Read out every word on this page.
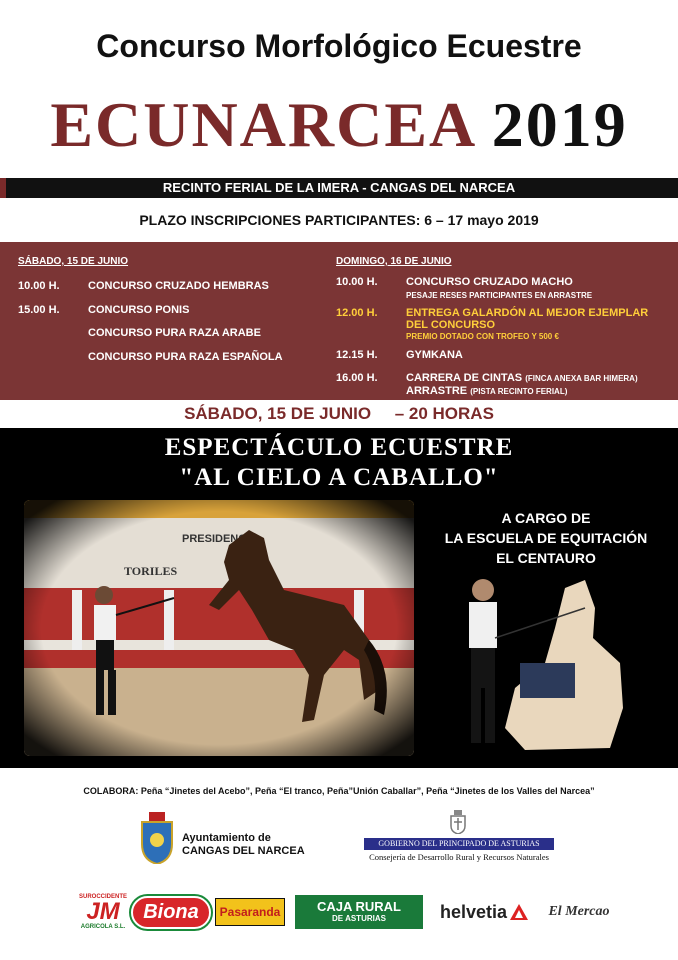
Concurso Morfológico Ecuestre
ECUNARCEA 2019
RECINTO FERIAL DE LA IMERA - CANGAS DEL NARCEA
PLAZO INSCRIPCIONES PARTICIPANTES: 6 – 17 mayo 2019
SÁBADO, 15 DE JUNIO
10.00 H.	CONCURSO CRUZADO HEMBRAS
15.00 H.	CONCURSO PONIS
CONCURSO PURA RAZA ARABE
CONCURSO PURA RAZA ESPAÑOLA
DOMINGO, 16 DE JUNIO
10.00 H.	CONCURSO CRUZADO MACHO
PESAJE RESES PARTICIPANTES EN ARRASTRE
12.00 H.	ENTREGA GALARDÓN AL MEJOR EJEMPLAR
DEL CONCURSO
PREMIO DOTADO CON TROFEO Y 500 €
12.15 H.	GYMKANA
16.00 H.	CARRERA DE CINTAS (FINCA ANEXA BAR HIMERA)
ARRASTRE (PISTA RECINTO FERIAL)
SÁBADO, 15 DE JUNIO     – 20 HORAS
ESPECTÁCULO ECUESTRE
"AL CIELO A CABALLO"
A CARGO DE
LA ESCUELA DE EQUITACIÓN
EL CENTAURO
COLABORA: Peña “Jinetes del Acebo”, Peña “El tranco, Peña”Unión Caballar”, Peña “Jinetes de los Valles del Narcea”
Ayuntamiento de
CANGAS DEL NARCEA
GOBIERNO DEL PRINCIPADO DE ASTURIAS
Consejería de Desarrollo Rural y Recursos Naturales
SUROCCIDENTE
JM
AGRICOLA S.L.
Biona	Pasaranda	CAJA RURAL
DE ASTURIAS	helvetia	El Mercao
